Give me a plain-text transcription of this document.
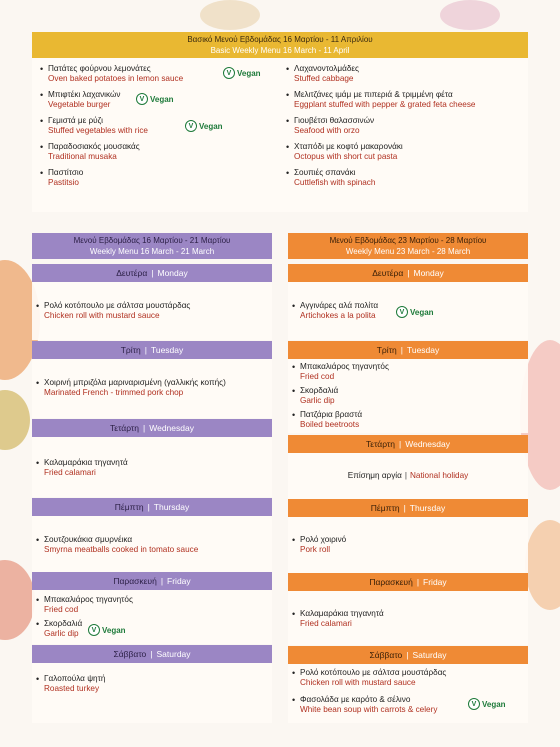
Βασικό Μενού Εβδομάδας 16 Μαρτίου - 11 Απριλίου
Basic Weekly Menu 16 March - 11 April
• Πατάτες φούρνου λεμονάτες
Oven baked potatoes in lemon sauce
V Vegan
• Μπιφτέκι λαχανικών
Vegetable burger
V Vegan
• Γεμιστά με ρύζι
Stuffed vegetables with rice	V Vegan
• Παραδοσιακός μουσακάς
Traditional musaka
• Παστίτσιο
Pastitsio
• Λαχανοντολμάδες
Stuffed cabbage
• Μελιτζάνες ιμάμ με πιπεριά & τριμμένη φέτα
Eggplant stuffed with pepper & grated feta cheese
• Γιουβέτσι θαλασσινών
Seafood with orzo
• Χταπόδι με κοφτό μακαρονάκι
Octopus with short cut pasta
• Σουπιές σπανάκι
Cuttlefish with spinach
Μενού Εβδομάδας 16 Μαρτίου - 21 Μαρτίου
Weekly Menu 16 March - 21 March
Δευτέρα | Monday
• Ρολό κοτόπουλο με σάλτσα μουστάρδας
Chicken roll with mustard sauce
Τρίτη | Tuesday
• Χοιρινή μπριζόλα μαριναρισμένη (γαλλικής κοπής)
Marinated French - trimmed pork chop
Τετάρτη | Wednesday
• Καλαμαράκια τηγανητά
Fried calamari
Πέμπτη | Thursday
• Σουτζουκάκια σμυρνέικα
Smyrna meatballs cooked in tomato sauce
Παρασκευή | Friday
• Μπακαλιάρος τηγανητός
Fried cod
• Σκορδαλιά
Garlic dip	V Vegan
Σάββατο | Saturday
• Γαλοπούλα ψητή
Roasted turkey
Μενού Εβδομάδας 23 Μαρτίου - 28 Μαρτίου
Weekly Menu 23 March - 28 March
Δευτέρα | Monday
• Αγγινάρες αλά πολίτα
Artichokes a la polita	V Vegan
Τρίτη | Tuesday
• Μπακαλιάρος τηγανητός
Fried cod
• Σκορδαλιά
Garlic dip
• Πατζάρια βραστά
Boiled beetroots
Τετάρτη | Wednesday
Επίσημη αργία | National holiday
Πέμπτη | Thursday
• Ρολό χοιρινό
Pork roll
Παρασκευή | Friday
• Καλαμαράκια τηγανητά
Fried calamari
Σάββατο | Saturday
• Ρολό κοτόπουλο με σάλτσα μουστάρδας
Chicken roll with mustard sauce
• Φασολάδα με καρότο & σέλινο
White bean soup with carrots & celery
V Vegan
